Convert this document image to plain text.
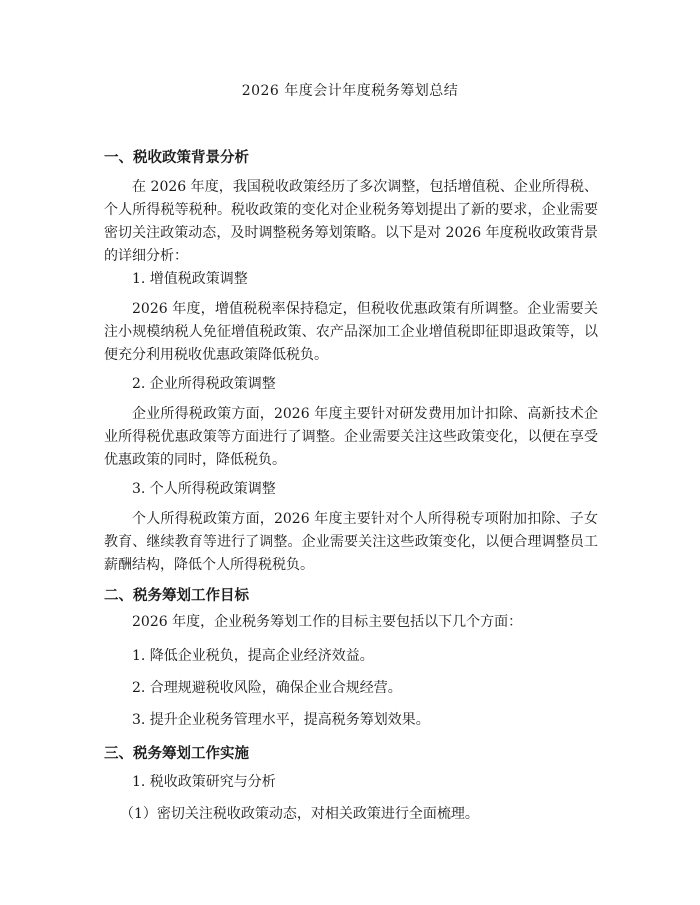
2026 年度会计年度税务筹划总结
一、税收政策背景分析
在 2026 年度，我国税收政策经历了多次调整，包括增值税、企业所得税、个人所得税等税种。税收政策的变化对企业税务筹划提出了新的要求，企业需要密切关注政策动态，及时调整税务筹划策略。以下是对 2026 年度税收政策背景的详细分析：
1. 增值税政策调整
2026 年度，增值税税率保持稳定，但税收优惠政策有所调整。企业需要关注小规模纳税人免征增值税政策、农产品深加工企业增值税即征即退政策等，以便充分利用税收优惠政策降低税负。
2. 企业所得税政策调整
企业所得税政策方面，2026 年度主要针对研发费用加计扣除、高新技术企业所得税优惠政策等方面进行了调整。企业需要关注这些政策变化，以便在享受优惠政策的同时，降低税负。
3. 个人所得税政策调整
个人所得税政策方面，2026 年度主要针对个人所得税专项附加扣除、子女教育、继续教育等进行了调整。企业需要关注这些政策变化，以便合理调整员工薪酬结构，降低个人所得税税负。
二、税务筹划工作目标
2026 年度，企业税务筹划工作的目标主要包括以下几个方面：
1. 降低企业税负，提高企业经济效益。
2. 合理规避税收风险，确保企业合规经营。
3. 提升企业税务管理水平，提高税务筹划效果。
三、税务筹划工作实施
1. 税收政策研究与分析
（1）密切关注税收政策动态，对相关政策进行全面梳理。
